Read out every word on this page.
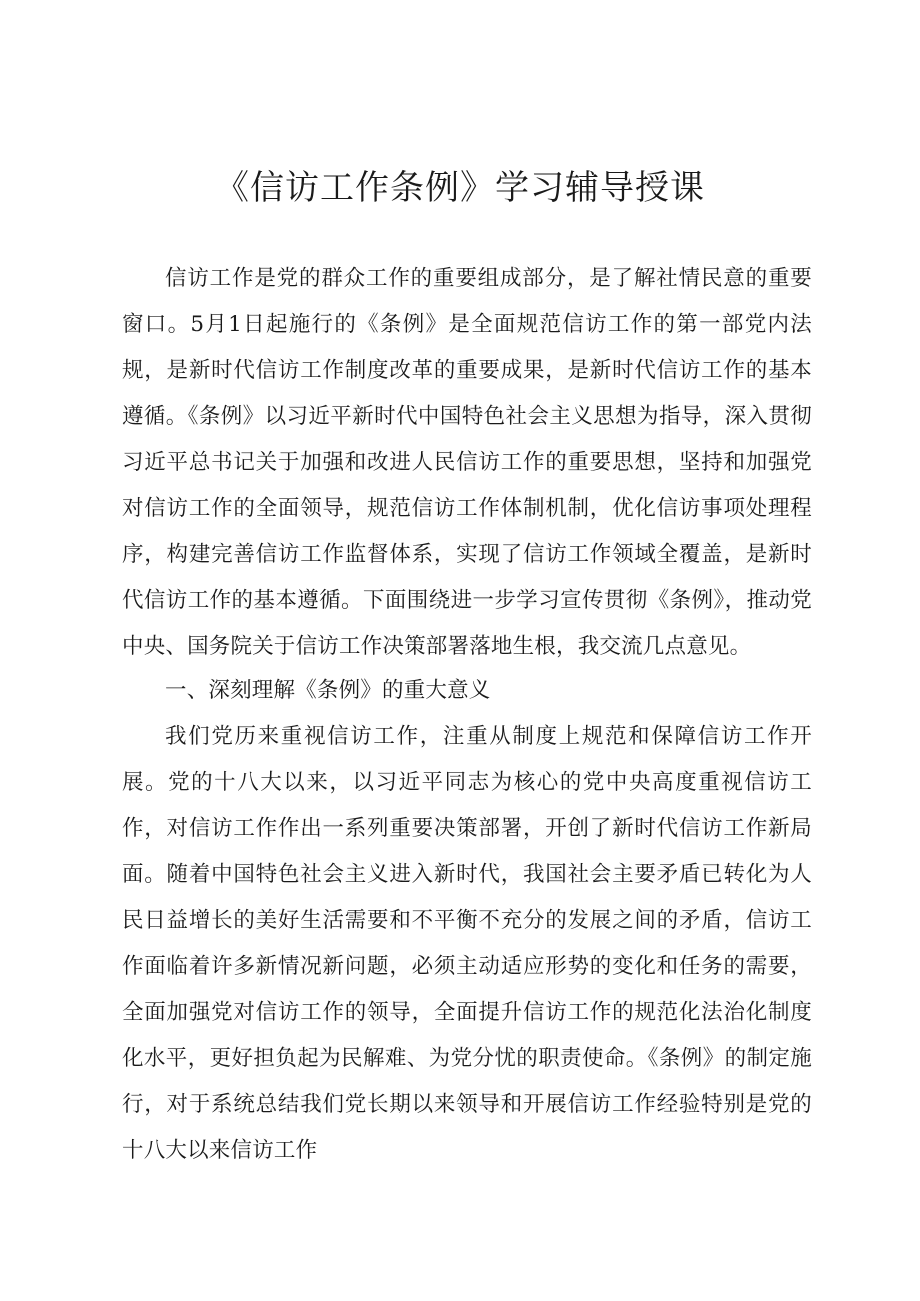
《信访工作条例》学习辅导授课

信访工作是党的群众工作的重要组成部分，是了解社情民意的重要窗口。5月1日起施行的《条例》是全面规范信访工作的第一部党内法规，是新时代信访工作制度改革的重要成果，是新时代信访工作的基本遵循。《条例》以习近平新时代中国特色社会主义思想为指导，深入贯彻习近平总书记关于加强和改进人民信访工作的重要思想，坚持和加强党对信访工作的全面领导，规范信访工作体制机制，优化信访事项处理程序，构建完善信访工作监督体系，实现了信访工作领域全覆盖，是新时代信访工作的基本遵循。下面围绕进一步学习宣传贯彻《条例》，推动党中央、国务院关于信访工作决策部署落地生根，我交流几点意见。

一、深刻理解《条例》的重大意义

我们党历来重视信访工作，注重从制度上规范和保障信访工作开展。党的十八大以来，以习近平同志为核心的党中央高度重视信访工作，对信访工作作出一系列重要决策部署，开创了新时代信访工作新局面。随着中国特色社会主义进入新时代，我国社会主要矛盾已转化为人民日益增长的美好生活需要和不平衡不充分的发展之间的矛盾，信访工作面临着许多新情况新问题，必须主动适应形势的变化和任务的需要，全面加强党对信访工作的领导，全面提升信访工作的规范化法治化制度化水平，更好担负起为民解难、为党分忧的职责使命。《条例》的制定施行，对于系统总结我们党长期以来领导和开展信访工作经验特别是党的十八大以来信访工作
